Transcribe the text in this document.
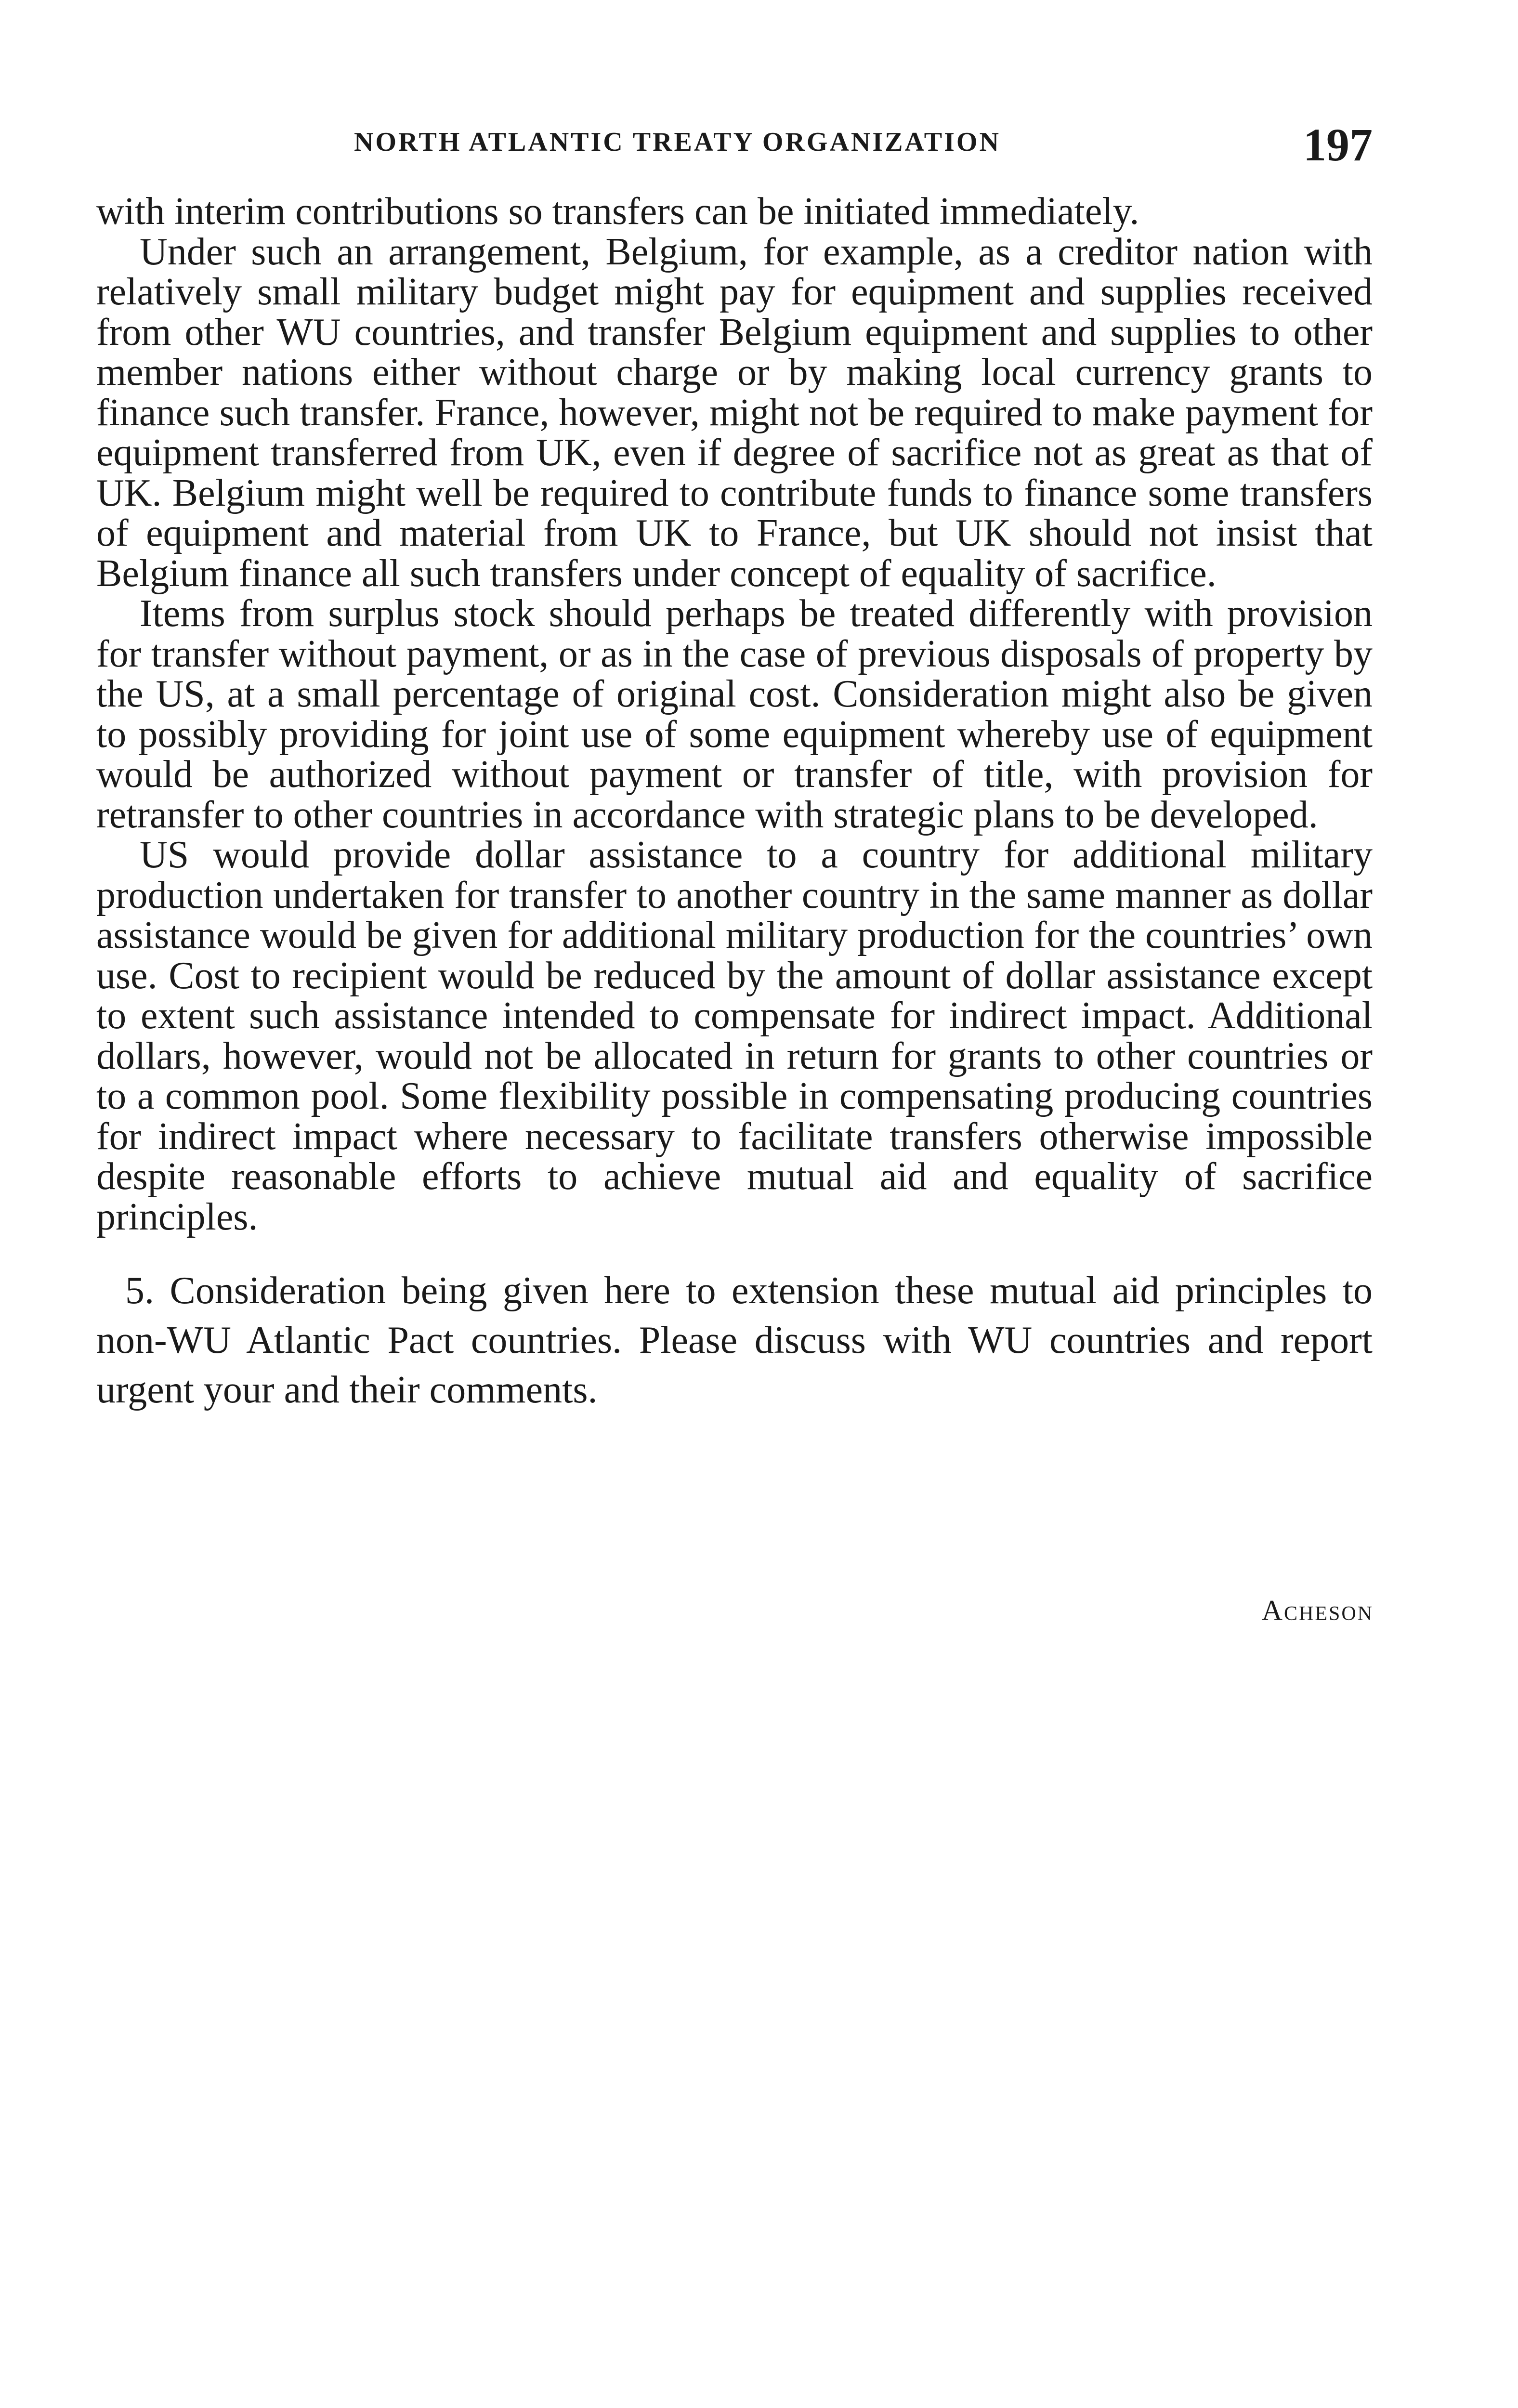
NORTH ATLANTIC TREATY ORGANIZATION	197

with interim contributions so transfers can be initiated immediately.

Under such an arrangement, Belgium, for example, as a creditor nation with relatively small military budget might pay for equipment and supplies received from other WU countries, and transfer Belgium equipment and supplies to other member nations either without charge or by making local currency grants to finance such transfer. France, however, might not be required to make payment for equipment transferred from UK, even if degree of sacrifice not as great as that of UK. Belgium might well be required to contribute funds to finance some transfers of equipment and material from UK to France, but UK should not insist that Belgium finance all such transfers under concept of equality of sacrifice.

Items from surplus stock should perhaps be treated differently with provision for transfer without payment, or as in the case of previous disposals of property by the US, at a small percentage of original cost. Consideration might also be given to possibly providing for joint use of some equipment whereby use of equipment would be authorized without payment or transfer of title, with provision for retransfer to other countries in accordance with strategic plans to be developed.

US would provide dollar assistance to a country for additional military production undertaken for transfer to another country in the same manner as dollar assistance would be given for additional military production for the countries’ own use. Cost to recipient would be reduced by the amount of dollar assistance except to extent such assistance intended to compensate for indirect impact. Additional dollars, however, would not be allocated in return for grants to other countries or to a common pool. Some flexibility possible in compensating producing countries for indirect impact where necessary to facilitate transfers otherwise impossible despite reasonable efforts to achieve mutual aid and equality of sacrifice principles.

5. Consideration being given here to extension these mutual aid principles to non-WU Atlantic Pact countries. Please discuss with WU countries and report urgent your and their comments.

Acheson
